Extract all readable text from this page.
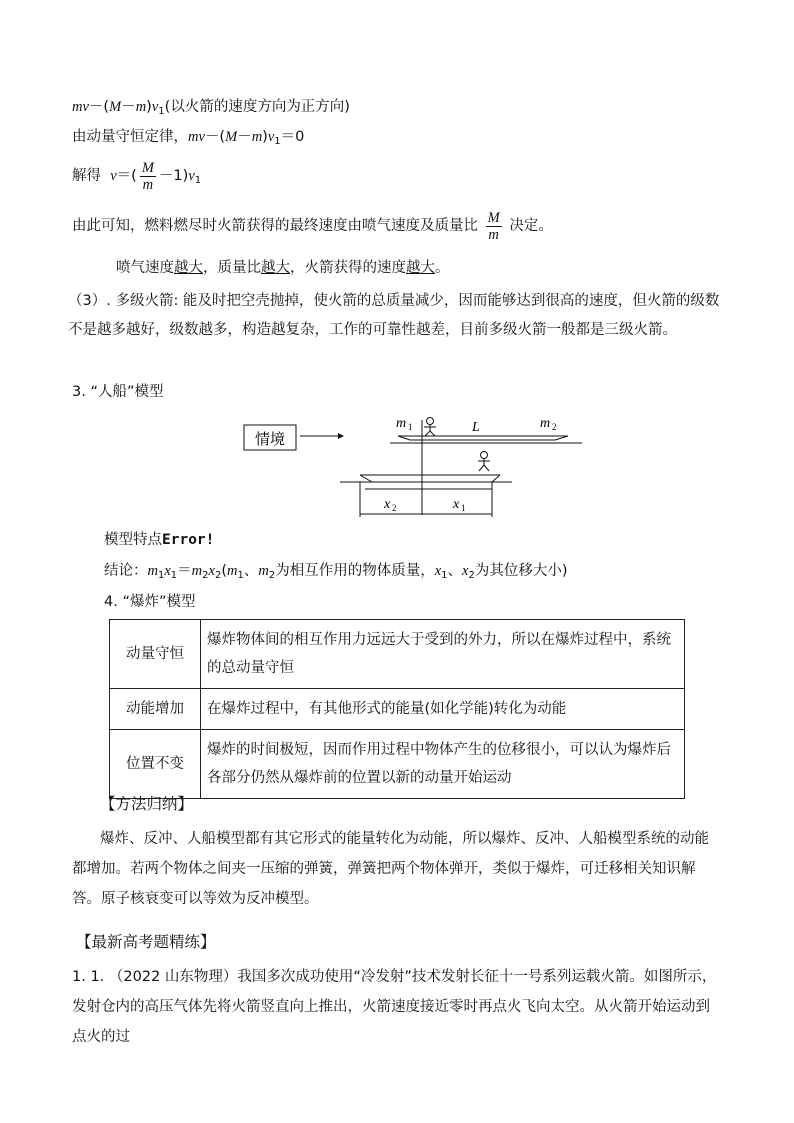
$mv-(M-m)v_1$(以火箭的速度方向为正方向)
由动量守恒定律，$mv-(M-m)v_1=0$
解得 $v=( \frac{M}{m} -1)v_1$
由此可知，燃料燃尽时火箭获得的最终速度由喷气速度及质量比 $\frac{M}{m}$ 决定。
喷气速度越大，质量比越大，火箭获得的速度越大。
（3）. 多级火箭: 能及时把空壳抛掉，使火箭的总质量减少，因而能够达到很高的速度，但火箭的级数不是越多越好，级数越多，构造越复杂，工作的可靠性越差，目前多级火箭一般都是三级火箭。
3. “人船”模型
情境
m 1	L	m 2
x 2	x 1
模型特点Error!
结论：$m_1x_1=m_2x_2(m_1$、$m_2$为相互作用的物体质量，$x_1$、$x_2$为其位移大小)
4. “爆炸”模型
动量守恒	爆炸物体间的相互作用力远远大于受到的外力，所以在爆炸过程中，系统的总动量守恒
动能增加	在爆炸过程中，有其他形式的能量(如化学能)转化为动能
位置不变	爆炸的时间极短，因而作用过程中物体产生的位移很小，可以认为爆炸后各部分仍然从爆炸前的位置以新的动量开始运动
【方法归纳】
爆炸、反冲、人船模型都有其它形式的能量转化为动能，所以爆炸、反冲、人船模型系统的动能都增加。若两个物体之间夹一压缩的弹簧，弹簧把两个物体弹开，类似于爆炸，可迁移相关知识解答。原子核衰变可以等效为反冲模型。
【最新高考题精练】
1. 1. （2022 山东物理）我国多次成功使用“冷发射”技术发射长征十一号系列运载火箭。如图所示，发射仓内的高压气体先将火箭竖直向上推出，火箭速度接近零时再点火飞向太空。从火箭开始运动到点火的过
